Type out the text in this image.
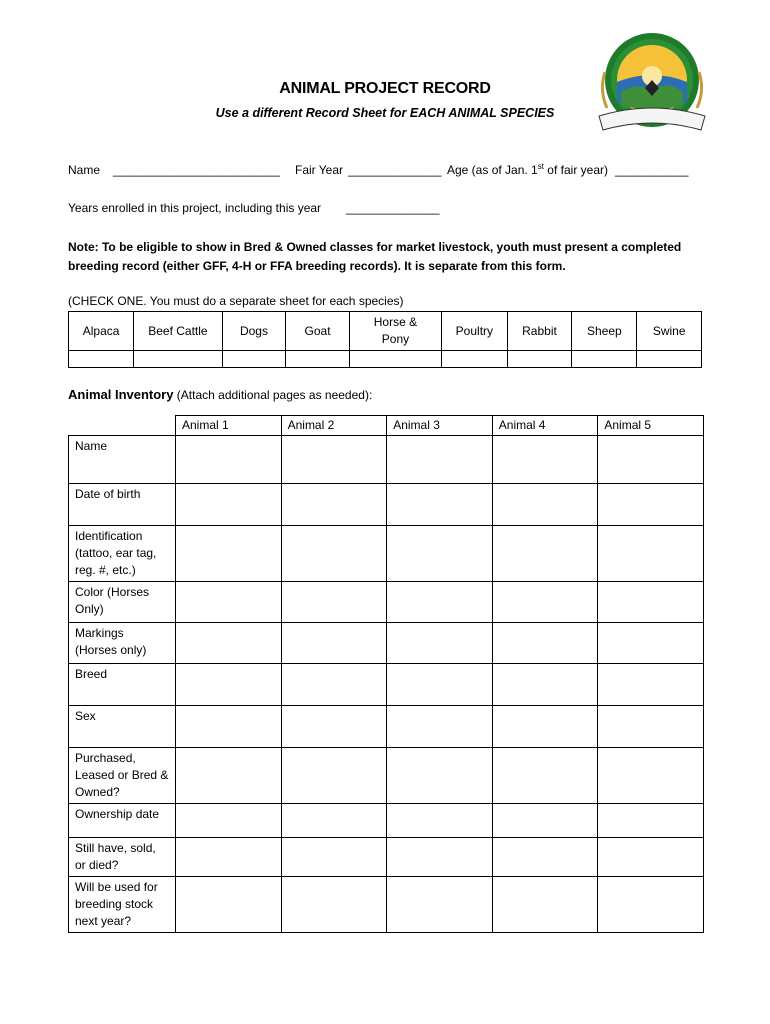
ANIMAL PROJECT RECORD
Use a different Record Sheet for EACH ANIMAL SPECIES
Name _________________________ Fair Year ______________ Age (as of Jan. 1st of fair year) ___________
Years enrolled in this project, including this year ______________
Note: To be eligible to show in Bred & Owned classes for market livestock, youth must present a completed breeding record (either GFF, 4-H or FFA breeding records). It is separate from this form.
(CHECK ONE. You must do a separate sheet for each species)
Alpaca	Beef Cattle	Dogs	Goat	Horse & Pony	Poultry	Rabbit	Sheep	Swine

Animal Inventory (Attach additional pages as needed):
	Animal 1	Animal 2	Animal 3	Animal 4	Animal 5
Name					
Date of birth					
Identification (tattoo, ear tag, reg. #, etc.)					
Color (Horses Only)					
Markings (Horses only)					
Breed					
Sex					
Purchased, Leased or Bred & Owned?					
Ownership date					
Still have, sold, or died?					
Will be used for breeding stock next year?					
